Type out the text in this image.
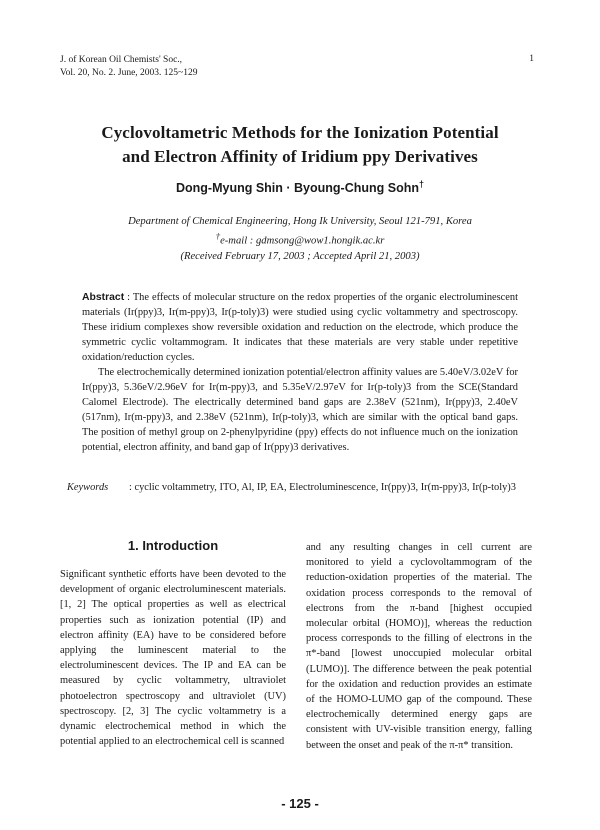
J. of Korean Oil Chemists' Soc.,
Vol. 20, No. 2. June, 2003. 125~129
1
Cyclovoltametric Methods for the Ionization Potential
and Electron Affinity of Iridium ppy Derivatives
Dong-Myung Shin · Byoung-Chung Sohn†
Department of Chemical Engineering, Hong Ik University, Seoul 121-791, Korea
†e-mail : gdmsong@wow1.hongik.ac.kr
(Received February 17, 2003 ; Accepted April 21, 2003)

Abstract : The effects of molecular structure on the redox properties of the organic electroluminescent materials (Ir(ppy)3, Ir(m-ppy)3, Ir(p-toly)3) were studied using cyclic voltammetry and spectroscopy. These iridium complexes show reversible oxidation and reduction on the electrode, which produce the symmetric cyclic voltammogram. It indicates that these materials are very stable under repetitive oxidation/reduction cycles.

The electrochemically determined ionization potential/electron affinity values are 5.40eV/3.02eV for Ir(ppy)3, 5.36eV/2.96eV for Ir(m-ppy)3, and 5.35eV/2.97eV for Ir(p-toly)3 from the SCE(Standard Calomel Electrode). The electrically determined band gaps are 2.38eV (521nm), Ir(ppy)3, 2.40eV (517nm), Ir(m-ppy)3, and 2.38eV (521nm), Ir(p-toly)3, which are similar with the optical band gaps. The position of methyl group on 2-phenylpyridine (ppy) effects do not influence much on the ionization potential, electron affinity, and band gap of Ir(ppy)3 derivatives.

Keywords : cyclic voltammetry, ITO, Al, IP, EA, Electroluminescence, Ir(ppy)3, Ir(m-ppy)3, Ir(p-toly)3
1. Introduction

Significant synthetic efforts have been devoted to the development of organic electroluminescent materials. [1, 2] The optical properties as well as electrical properties such as ionization potential (IP) and electron affinity (EA) have to be considered before applying the luminescent material to the electroluminescent devices. The IP and EA can be measured by cyclic voltammetry, ultraviolet photoelectron spectroscopy and ultraviolet (UV) spectroscopy. [2, 3] The cyclic voltammetry is a dynamic electrochemical method in which the potential applied to an electrochemical cell is scanned

and any resulting changes in cell current are monitored to yield a cyclovoltammogram of the reduction-oxidation properties of the material. The oxidation process corresponds to the removal of electrons from the π-band [highest occupied molecular orbital (HOMO)], whereas the reduction process corresponds to the filling of electrons in the π*-band [lowest unoccupied molecular orbital (LUMO)]. The difference between the peak potential for the oxidation and reduction provides an estimate of the HOMO-LUMO gap of the compound. These electrochemically determined energy gaps are consistent with UV-visible transition energy, falling between the onset and peak of the π-π* transition.

- 125 -
